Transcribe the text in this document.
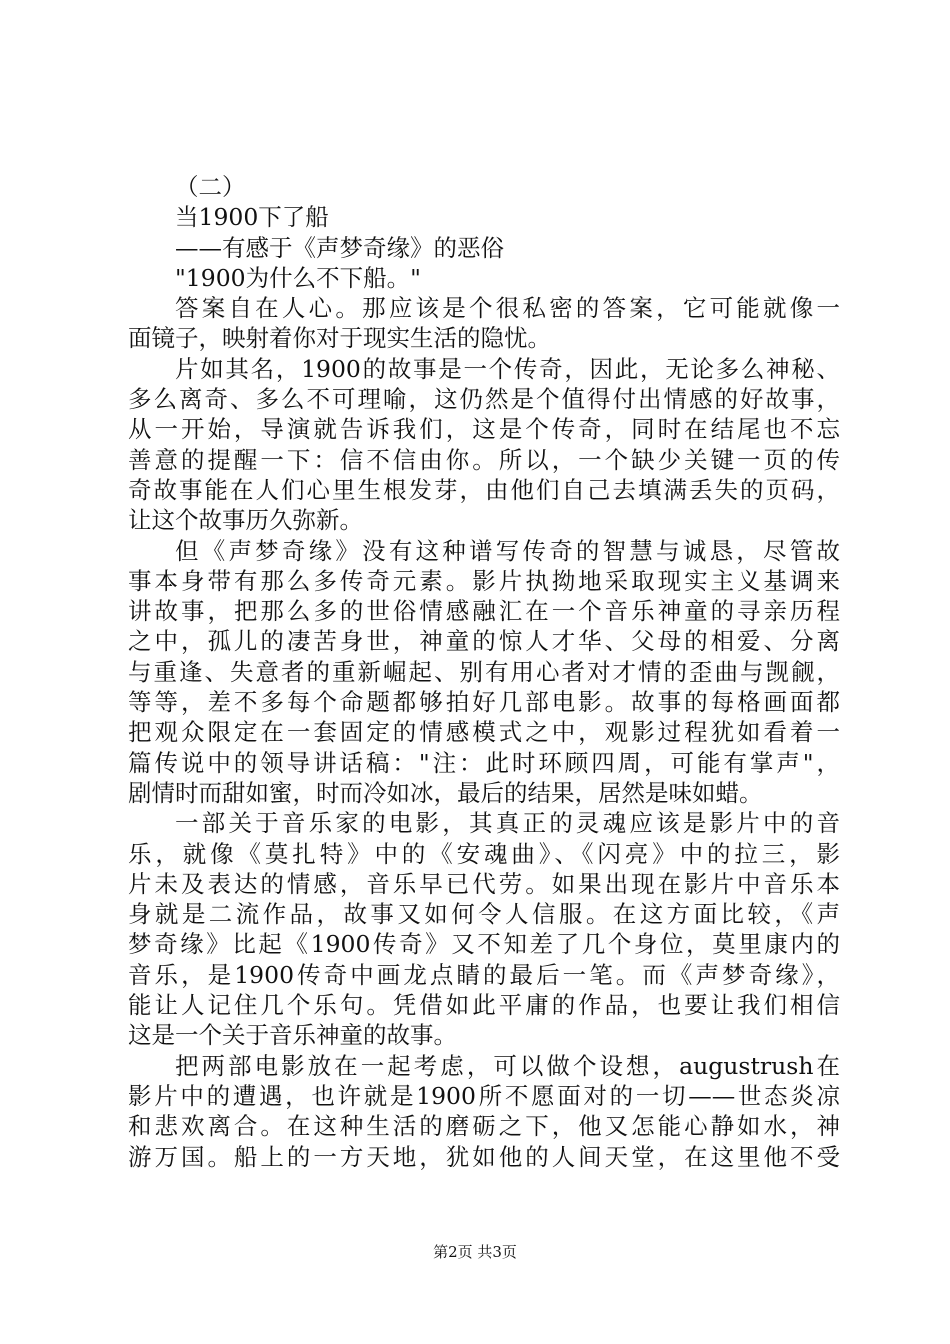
（二）
当1900下了船
——有感于《声梦奇缘》的恶俗
"1900为什么不下船。"
答案自在人心。那应该是个很私密的答案，它可能就像一
面镜子，映射着你对于现实生活的隐忧。
片如其名，1900的故事是一个传奇，因此，无论多么神秘、
多么离奇、多么不可理喻，这仍然是个值得付出情感的好故事，
从一开始，导演就告诉我们，这是个传奇，同时在结尾也不忘
善意的提醒一下：信不信由你。所以，一个缺少关键一页的传
奇故事能在人们心里生根发芽，由他们自己去填满丢失的页码，
让这个故事历久弥新。
但《声梦奇缘》没有这种谱写传奇的智慧与诚恳，尽管故
事本身带有那么多传奇元素。影片执拗地采取现实主义基调来
讲故事，把那么多的世俗情感融汇在一个音乐神童的寻亲历程
之中，孤儿的凄苦身世，神童的惊人才华、父母的相爱、分离
与重逢、失意者的重新崛起、别有用心者对才情的歪曲与觊觎，
等等，差不多每个命题都够拍好几部电影。故事的每格画面都
把观众限定在一套固定的情感模式之中，观影过程犹如看着一
篇传说中的领导讲话稿："注：此时环顾四周，可能有掌声"，
剧情时而甜如蜜，时而冷如冰，最后的结果，居然是味如蜡。
一部关于音乐家的电影，其真正的灵魂应该是影片中的音
乐，就像《莫扎特》中的《安魂曲》、《闪亮》中的拉三，影
片未及表达的情感，音乐早已代劳。如果出现在影片中音乐本
身就是二流作品，故事又如何令人信服。在这方面比较，《声
梦奇缘》比起《1900传奇》又不知差了几个身位，莫里康内的
音乐，是1900传奇中画龙点睛的最后一笔。而《声梦奇缘》，
能让人记住几个乐句。凭借如此平庸的作品，也要让我们相信
这是一个关于音乐神童的故事。
把两部电影放在一起考虑，可以做个设想，augustrush在
影片中的遭遇，也许就是1900所不愿面对的一切——世态炎凉
和悲欢离合。在这种生活的磨砺之下，他又怎能心静如水，神
游万国。船上的一方天地，犹如他的人间天堂，在这里他不受
第2页 共3页
